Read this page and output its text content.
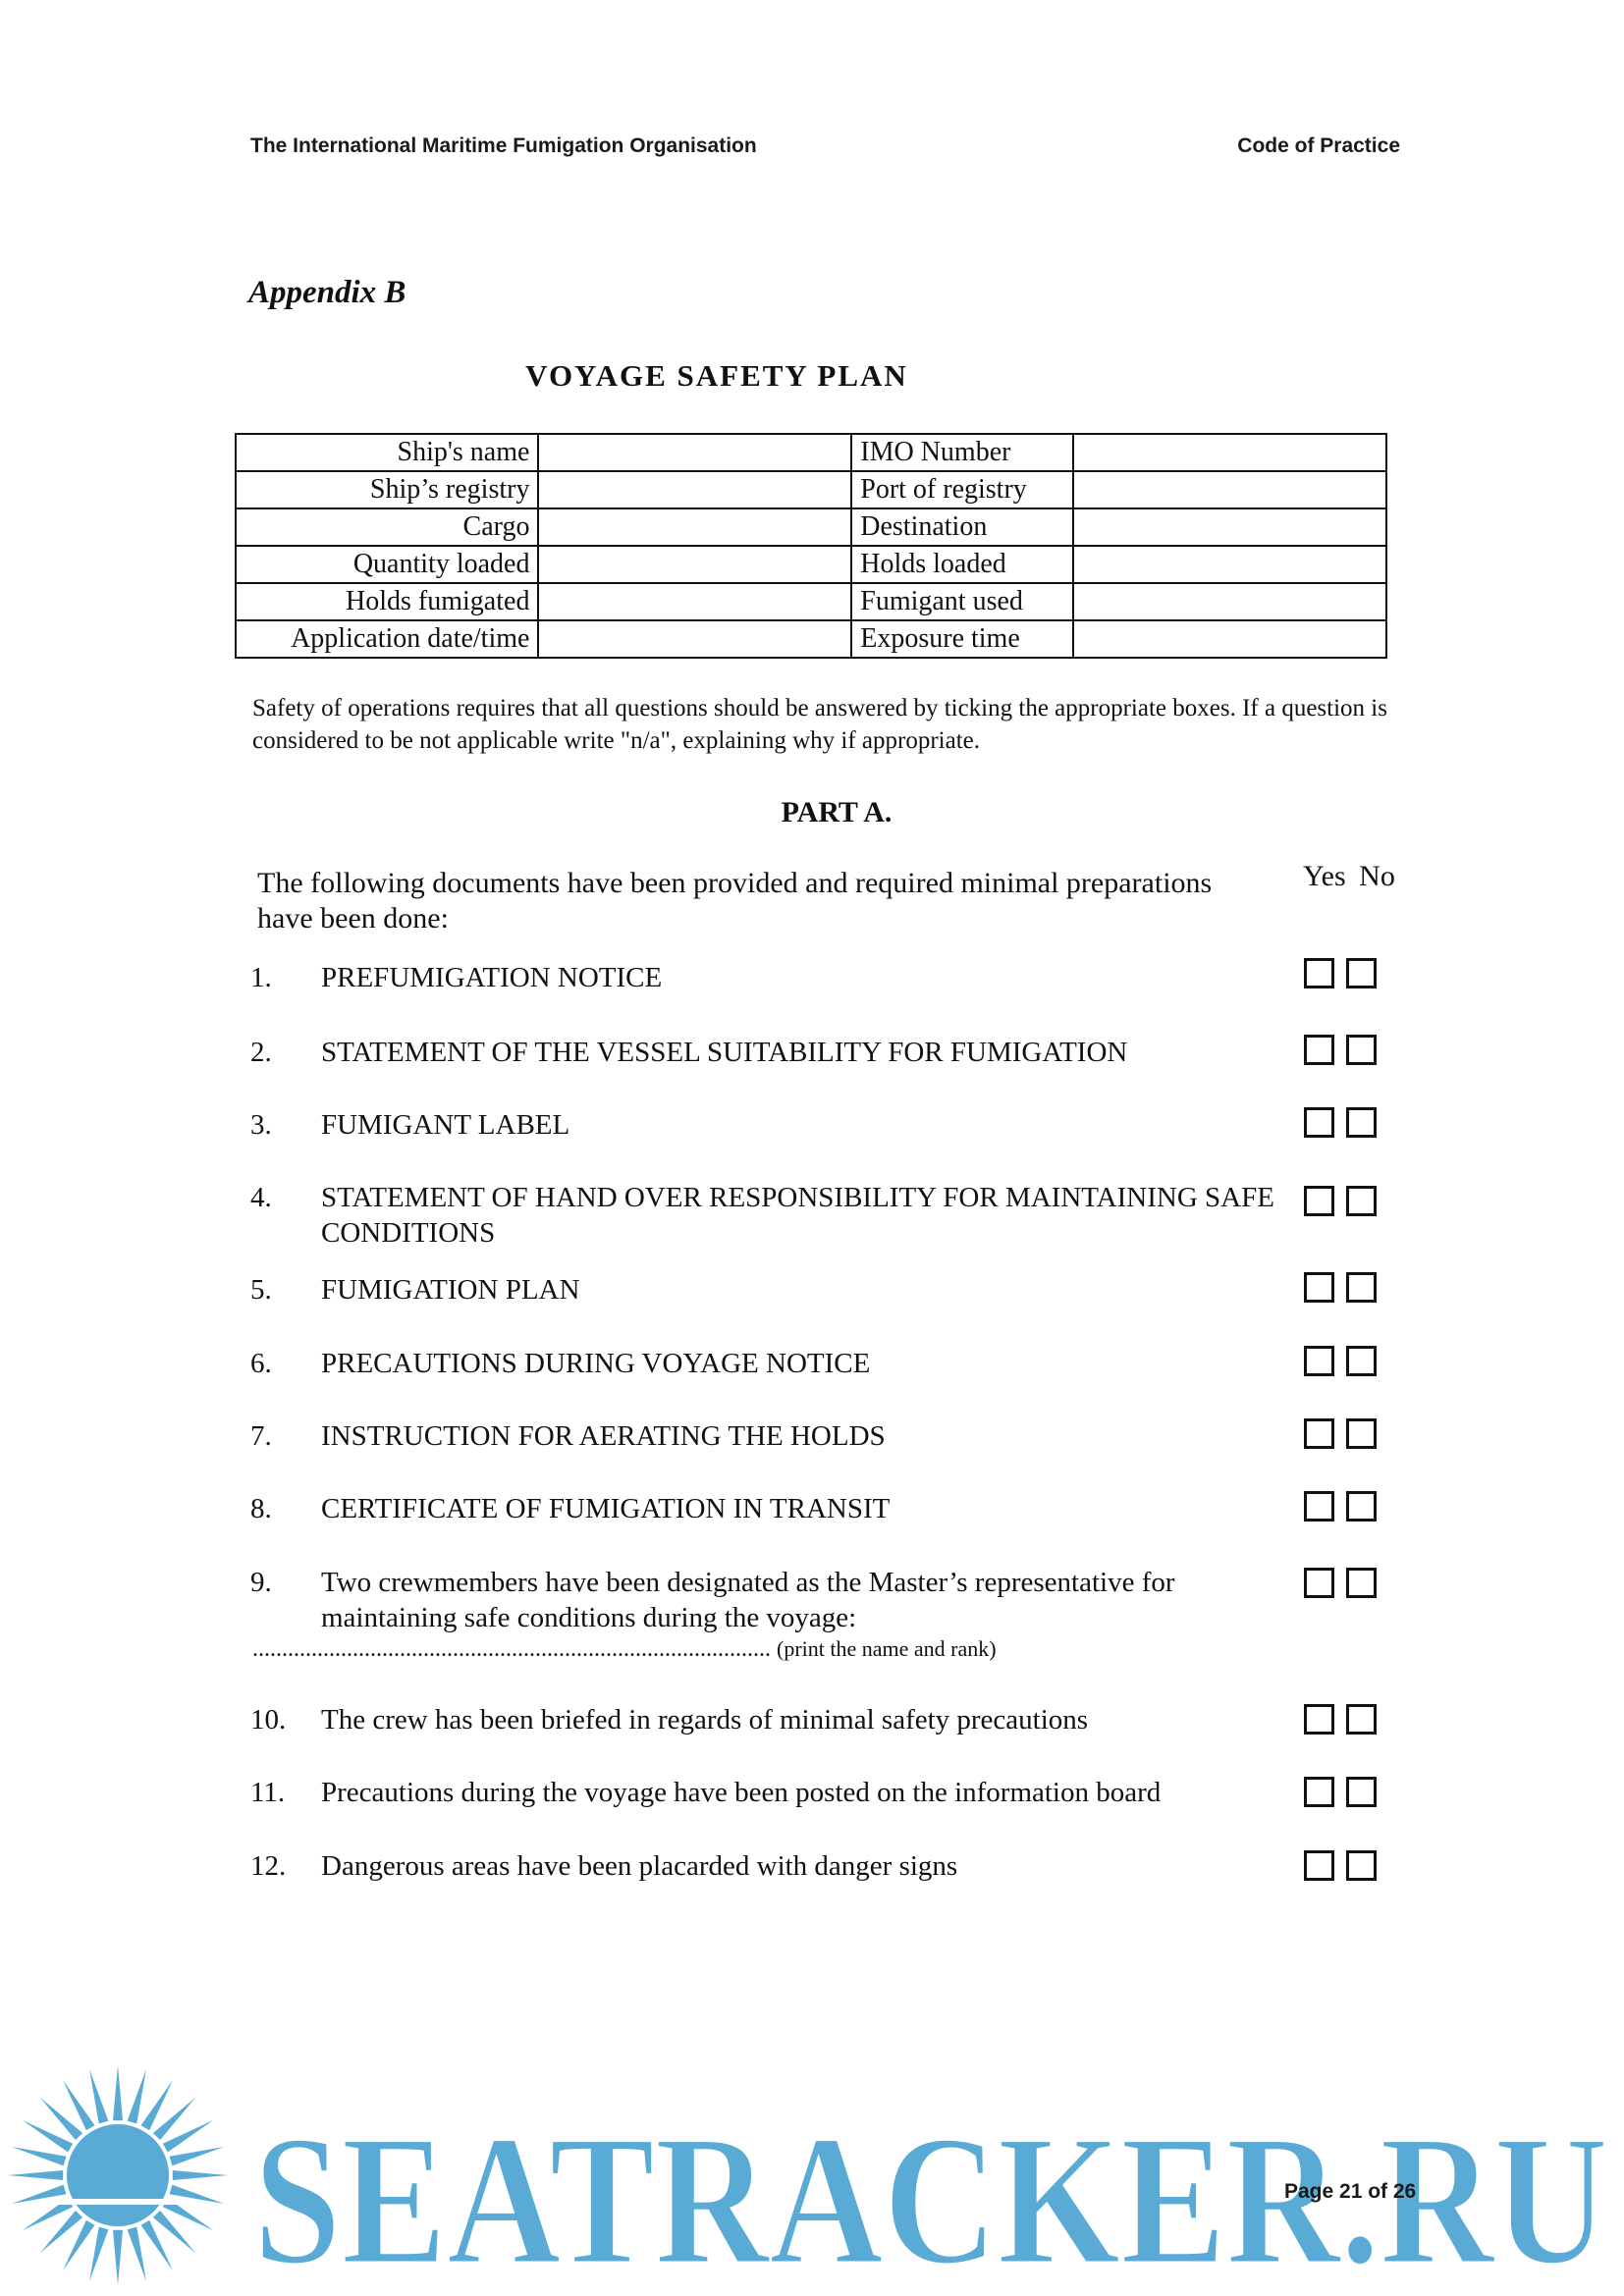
The International Maritime Fumigation Organisation	Code of Practice
Appendix B
VOYAGE SAFETY PLAN
Ship's name		IMO Number	
Ship’s registry		Port of registry	
Cargo		Destination	
Quantity loaded		Holds loaded	
Holds fumigated		Fumigant used	
Application date/time		Exposure time	
Safety of operations requires that all questions should be answered by ticking the appropriate boxes. If a question is considered to be not applicable write "n/a", explaining why if appropriate.
PART A.
The following documents have been provided and required minimal preparations have been done:
Yes No
1.	PREFUMIGATION NOTICE
2.	STATEMENT OF THE VESSEL SUITABILITY FOR FUMIGATION
3.	FUMIGANT LABEL
4.	STATEMENT OF HAND OVER RESPONSIBILITY FOR MAINTAINING SAFE CONDITIONS
5.	FUMIGATION PLAN
6.	PRECAUTIONS DURING VOYAGE NOTICE
7.	INSTRUCTION FOR AERATING THE HOLDS
8.	CERTIFICATE OF FUMIGATION IN TRANSIT
9.	Two crewmembers have been designated as the Master’s representative for maintaining safe conditions during the voyage:
10.	The crew has been briefed in regards of minimal safety precautions
11.	Precautions during the voyage have been posted on the information board
12.	Dangerous areas have been placarded with danger signs
........................................................................................ (print the name and rank)
SEATRACKER.RU
Page 21 of 26
